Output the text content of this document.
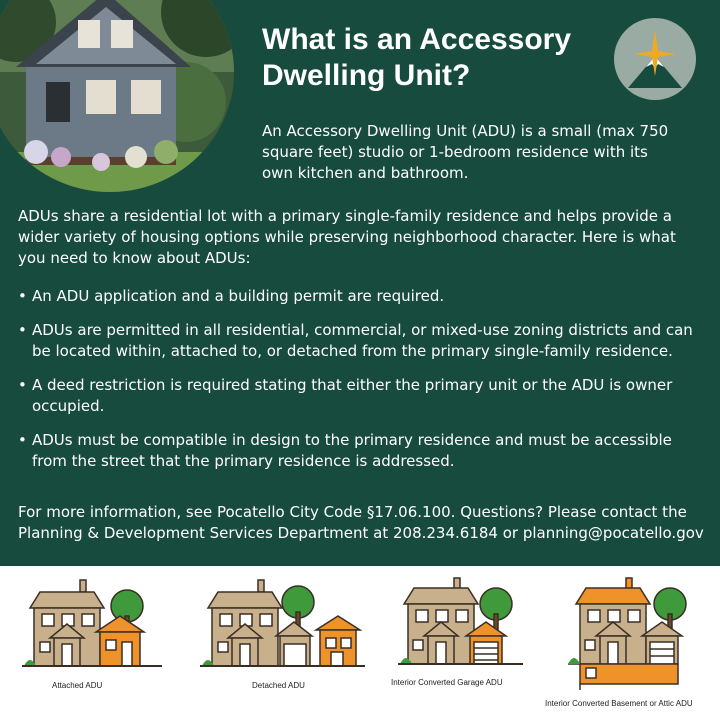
What is an Accessory Dwelling Unit?

An Accessory Dwelling Unit (ADU) is a small (max 750 square feet) studio or 1-bedroom residence with its own kitchen and bathroom.

ADUs share a residential lot with a primary single-family residence and helps provide a wider variety of housing options while preserving neighborhood character. Here is what you need to know about ADUs:

• An ADU application and a building permit are required.
• ADUs are permitted in all residential, commercial, or mixed-use zoning districts and can be located within, attached to, or detached from the primary single-family residence.
• A deed restriction is required stating that either the primary unit or the ADU is owner occupied.
• ADUs must be compatible in design to the primary residence and must be accessible from the street that the primary residence is addressed.

For more information, see Pocatello City Code §17.06.100. Questions? Please contact the Planning & Development Services Department at 208.234.6184 or planning@pocatello.gov

Attached ADU	Detached ADU	Interior Converted Garage ADU
Interior Converted Basement or Attic ADU
